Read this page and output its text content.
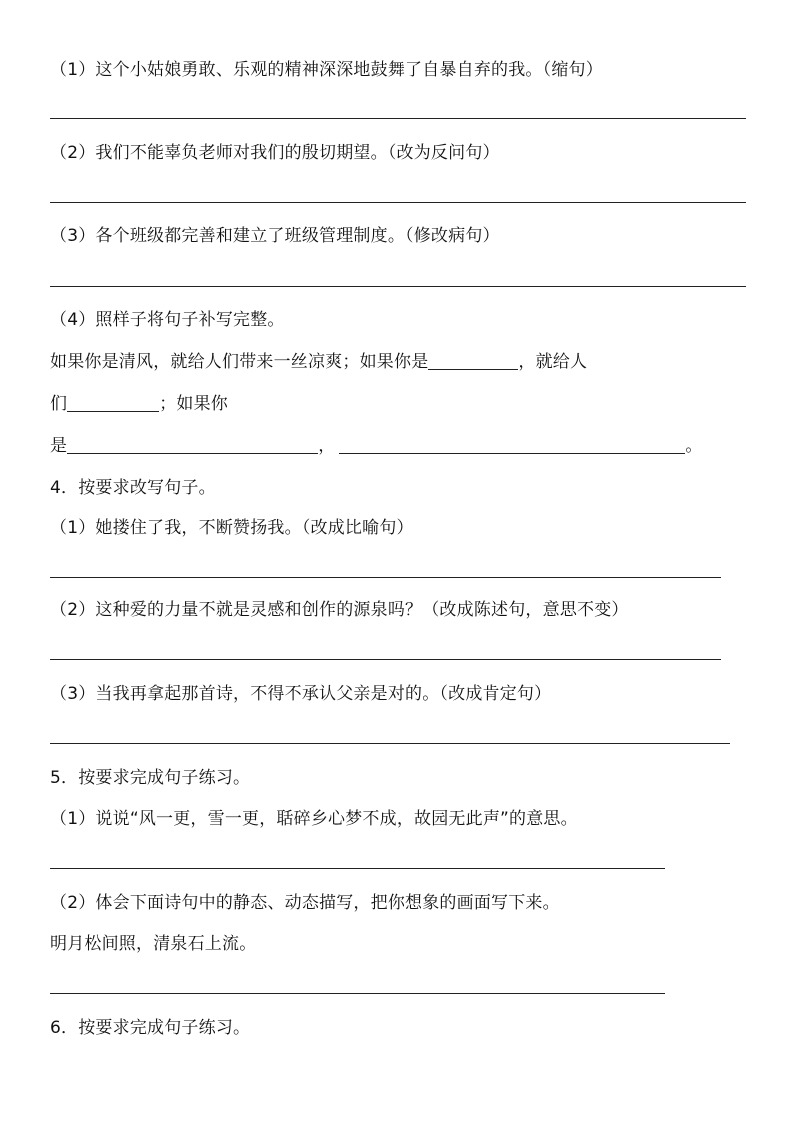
（1）这个小姑娘勇敢、乐观的精神深深地鼓舞了自暴自弃的我。（缩句）
（2）我们不能辜负老师对我们的殷切期望。（改为反问句）
（3）各个班级都完善和建立了班级管理制度。（修改病句）
（4）照样子将句子补写完整。
如果你是清风，就给人们带来一丝凉爽；如果你是	，就给人
们	；如果你
是	，	。
4．按要求改写句子。
（1）她搂住了我，不断赞扬我。（改成比喻句）
（2）这种爱的力量不就是灵感和创作的源泉吗？（改成陈述句，意思不变）
（3）当我再拿起那首诗，不得不承认父亲是对的。（改成肯定句）
5．按要求完成句子练习。
（1）说说“风一更，雪一更，聒碎乡心梦不成，故园无此声”的意思。
（2）体会下面诗句中的静态、动态描写，把你想象的画面写下来。
明月松间照，清泉石上流。
6．按要求完成句子练习。
